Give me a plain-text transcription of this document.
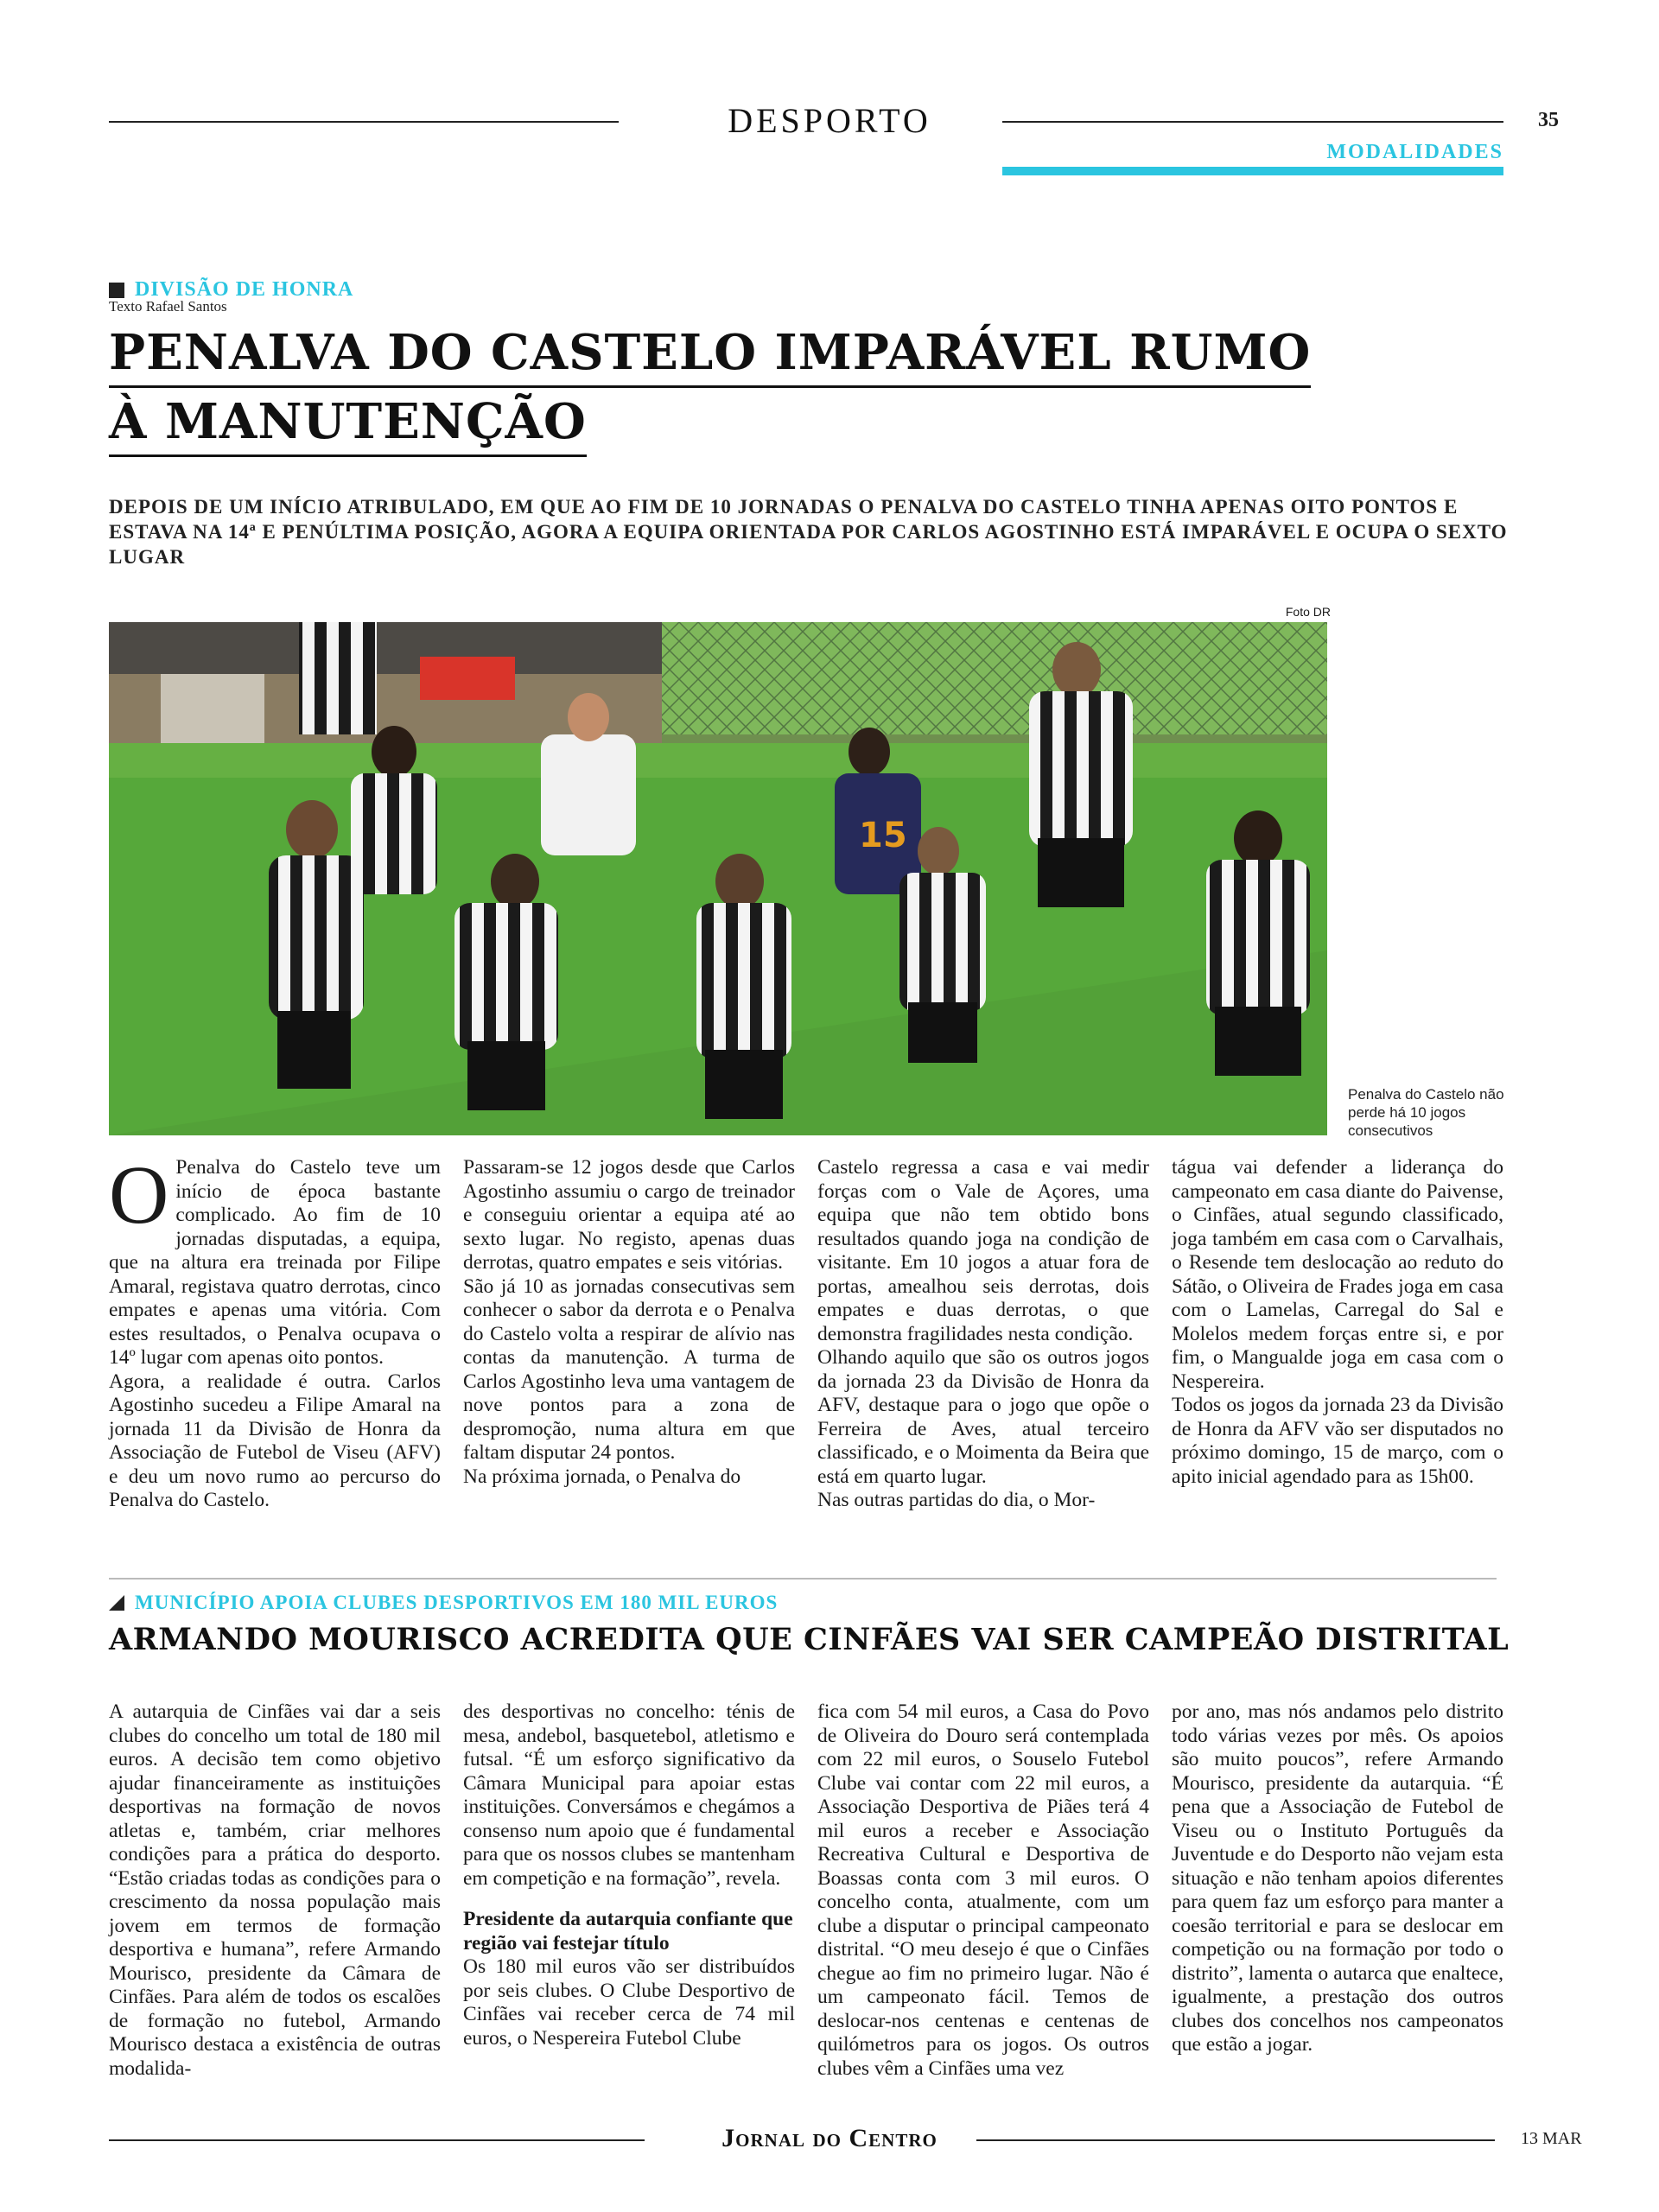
DESPORTO	35
MODALIDADES
DIVISÃO DE HONRA
Texto Rafael Santos
PENALVA DO CASTELO IMPARÁVEL RUMO
À MANUTENÇÃO
DEPOIS DE UM INÍCIO ATRIBULADO, EM QUE AO FIM DE 10 JORNADAS O PENALVA DO CASTELO TINHA APENAS OITO PONTOS E ESTAVA NA 14ª E PENÚLTIMA POSIÇÃO, AGORA A EQUIPA ORIENTADA POR CARLOS AGOSTINHO ESTÁ IMPARÁVEL E OCUPA O SEXTO LUGAR
Foto DR
15
Penalva do Castelo não perde há 10 jogos consecutivos
O Penalva do Castelo teve um início de época bastante complicado. Ao fim de 10 jornadas disputadas, a equipa, que na altura era treinada por Filipe Amaral, registava quatro derrotas, cinco empates e apenas uma vitória. Com estes resultados, o Penalva ocupava o 14º lugar com apenas oito pontos.

Agora, a realidade é outra. Carlos Agostinho sucedeu a Filipe Amaral na jornada 11 da Divisão de Honra da Associação de Futebol de Viseu (AFV) e deu um novo rumo ao percurso do Penalva do Castelo.

Passaram-se 12 jogos desde que Carlos Agostinho assumiu o cargo de treinador e conseguiu orientar a equipa até ao sexto lugar. No registo, apenas duas derrotas, quatro empates e seis vitórias.

São já 10 as jornadas consecutivas sem conhecer o sabor da derrota e o Penalva do Castelo volta a respirar de alívio nas contas da manutenção. A turma de Carlos Agostinho leva uma vantagem de nove pontos para a zona de despromoção, numa altura em que faltam disputar 24 pontos.

Na próxima jornada, o Penalva do

Castelo regressa a casa e vai medir forças com o Vale de Açores, uma equipa que não tem obtido bons resultados quando joga na condição de visitante. Em 10 jogos a atuar fora de portas, amealhou seis derrotas, dois empates e duas derrotas, o que demonstra fragilidades nesta condição.

Olhando aquilo que são os outros jogos da jornada 23 da Divisão de Honra da AFV, destaque para o jogo que opõe o Ferreira de Aves, atual terceiro classificado, e o Moimenta da Beira que está em quarto lugar.

Nas outras partidas do dia, o Mor-

tágua vai defender a liderança do campeonato em casa diante do Paivense, o Cinfães, atual segundo classificado, joga também em casa com o Carvalhais, o Resende tem deslocação ao reduto do Sátão, o Oliveira de Frades joga em casa com o Lamelas, Carregal do Sal e Molelos medem forças entre si, e por fim, o Mangualde joga em casa com o Nespereira.

Todos os jogos da jornada 23 da Divisão de Honra da AFV vão ser disputados no próximo domingo, 15 de março, com o apito inicial agendado para as 15h00.

MUNICÍPIO APOIA CLUBES DESPORTIVOS EM 180 MIL EUROS
ARMANDO MOURISCO ACREDITA QUE CINFÃES VAI SER CAMPEÃO DISTRITAL

A autarquia de Cinfães vai dar a seis clubes do concelho um total de 180 mil euros. A decisão tem como objetivo ajudar financeiramente as instituições desportivas na formação de novos atletas e, também, criar melhores condições para a prática do desporto. “Estão criadas todas as condições para o crescimento da nossa população mais jovem em termos de formação desportiva e humana”, refere Armando Mourisco, presidente da Câmara de Cinfães. Para além de todos os escalões de formação no futebol, Armando Mourisco destaca a existência de outras modalida-

des desportivas no concelho: ténis de mesa, andebol, basquetebol, atletismo e futsal. “É um esforço significativo da Câmara Municipal para apoiar estas instituições. Conversámos e chegámos a consenso num apoio que é fundamental para que os nossos clubes se mantenham em competição e na formação”, revela.

Presidente da autarquia confiante que região vai festejar título

Os 180 mil euros vão ser distribuídos por seis clubes. O Clube Desportivo de Cinfães vai receber cerca de 74 mil euros, o Nespereira Futebol Clube

fica com 54 mil euros, a Casa do Povo de Oliveira do Douro será contemplada com 22 mil euros, o Souselo Futebol Clube vai contar com 22 mil euros, a Associação Desportiva de Piães terá 4 mil euros a receber e Associação Recreativa Cultural e Desportiva de Boassas conta com 3 mil euros. O concelho conta, atualmente, com um clube a disputar o principal campeonato distrital. “O meu desejo é que o Cinfães chegue ao fim no primeiro lugar. Não é um campeonato fácil. Temos de deslocar-nos centenas e centenas de quilómetros para os jogos. Os outros clubes vêm a Cinfães uma vez

por ano, mas nós andamos pelo distrito todo várias vezes por mês. Os apoios são muito poucos”, refere Armando Mourisco, presidente da autarquia. “É pena que a Associação de Futebol de Viseu ou o Instituto Português da Juventude e do Desporto não vejam esta situação e não tenham apoios diferentes para quem faz um esforço para manter a coesão territorial e para se deslocar em competição ou na formação por todo o distrito”, lamenta o autarca que enaltece, igualmente, a prestação dos outros clubes dos concelhos nos campeonatos que estão a jogar.

Jornal do Centro	13 MAR
